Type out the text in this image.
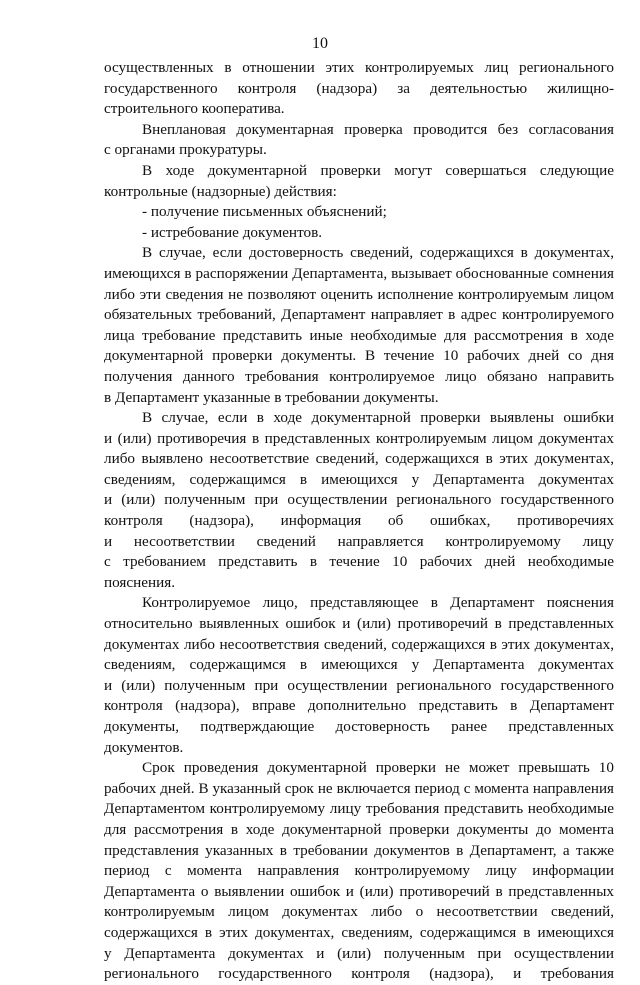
10
осуществленных в отношении этих контролируемых лиц регионального
государственного контроля (надзора) за деятельностью жилищно-
строительного кооператива.
Внеплановая документарная проверка проводится без согласования
с органами прокуратуры.
В ходе документарной проверки могут совершаться следующие
контрольные (надзорные) действия:
- получение письменных объяснений;
- истребование документов.
В случае, если достоверность сведений, содержащихся в документах,
имеющихся в распоряжении Департамента, вызывает обоснованные сомнения
либо эти сведения не позволяют оценить исполнение контролируемым лицом
обязательных требований, Департамент направляет в адрес контролируемого
лица требование представить иные необходимые для рассмотрения в ходе
документарной проверки документы. В течение 10 рабочих дней со дня
получения данного требования контролируемое лицо обязано направить
в Департамент указанные в требовании документы.
В случае, если в ходе документарной проверки выявлены ошибки
и (или) противоречия в представленных контролируемым лицом документах
либо выявлено несоответствие сведений, содержащихся в этих документах,
сведениям, содержащимся в имеющихся у Департамента документах
и (или) полученным при осуществлении регионального государственного
контроля (надзора), информация об ошибках, противоречиях
и несоответствии сведений направляется контролируемому лицу
с требованием представить в течение 10 рабочих дней необходимые
пояснения.
Контролируемое лицо, представляющее в Департамент пояснения
относительно выявленных ошибок и (или) противоречий в представленных
документах либо несоответствия сведений, содержащихся в этих документах,
сведениям, содержащимся в имеющихся у Департамента документах
и (или) полученным при осуществлении регионального государственного
контроля (надзора), вправе дополнительно представить в Департамент
документы, подтверждающие достоверность ранее представленных
документов.
Срок проведения документарной проверки не может превышать 10
рабочих дней. В указанный срок не включается период с момента направления
Департаментом контролируемому лицу требования представить необходимые
для рассмотрения в ходе документарной проверки документы до момента
представления указанных в требовании документов в Департамент, а также
период с момента направления контролируемому лицу информации
Департамента о выявлении ошибок и (или) противоречий в представленных
контролируемым лицом документах либо о несоответствии сведений,
содержащихся в этих документах, сведениям, содержащимся в имеющихся
у Департамента документах и (или) полученным при осуществлении
регионального государственного контроля (надзора), и требования
